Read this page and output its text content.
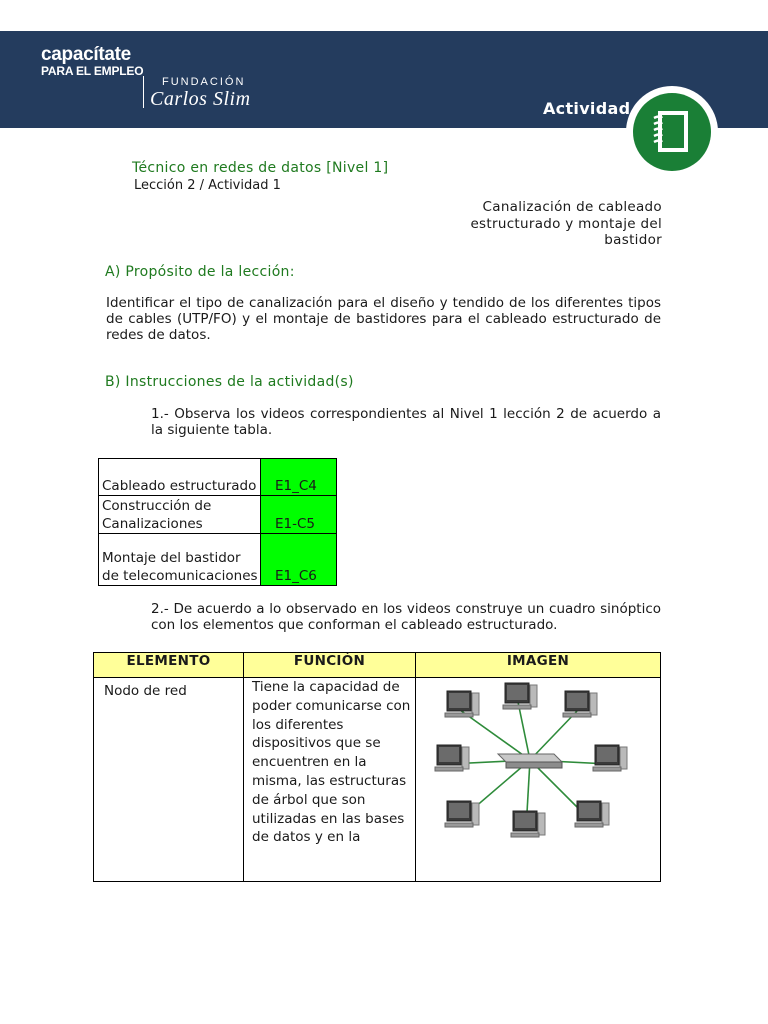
capacítate
PARA EL EMPLEO
FUNDACIÓN
Carlos Slim	Actividad
Técnico en redes de datos [Nivel 1]
Lección 2 / Actividad 1
Canalización de cableado estructurado y montaje del bastidor
A) Propósito de la lección:
Identificar el tipo de canalización para el diseño y tendido de los diferentes tipos de cables (UTP/FO) y el montaje de bastidores para el cableado estructurado de redes de datos.
B) Instrucciones de la actividad(s)
1.- Observa los videos correspondientes al Nivel 1 lección 2 de acuerdo a la siguiente tabla.
Cableado estructurado	E1_C4
Construcción de Canalizaciones	E1-C5
Montaje del bastidor de telecomunicaciones	E1_C6
2.- De acuerdo a lo observado en los videos construye un cuadro sinóptico con los elementos que conforman el cableado estructurado.
ELEMENTO	FUNCIÓN	IMAGEN
Nodo de red	Tiene la capacidad de poder comunicarse con los diferentes dispositivos que se encuentren en la misma, las estructuras de árbol que son utilizadas en las bases de datos y en la	
